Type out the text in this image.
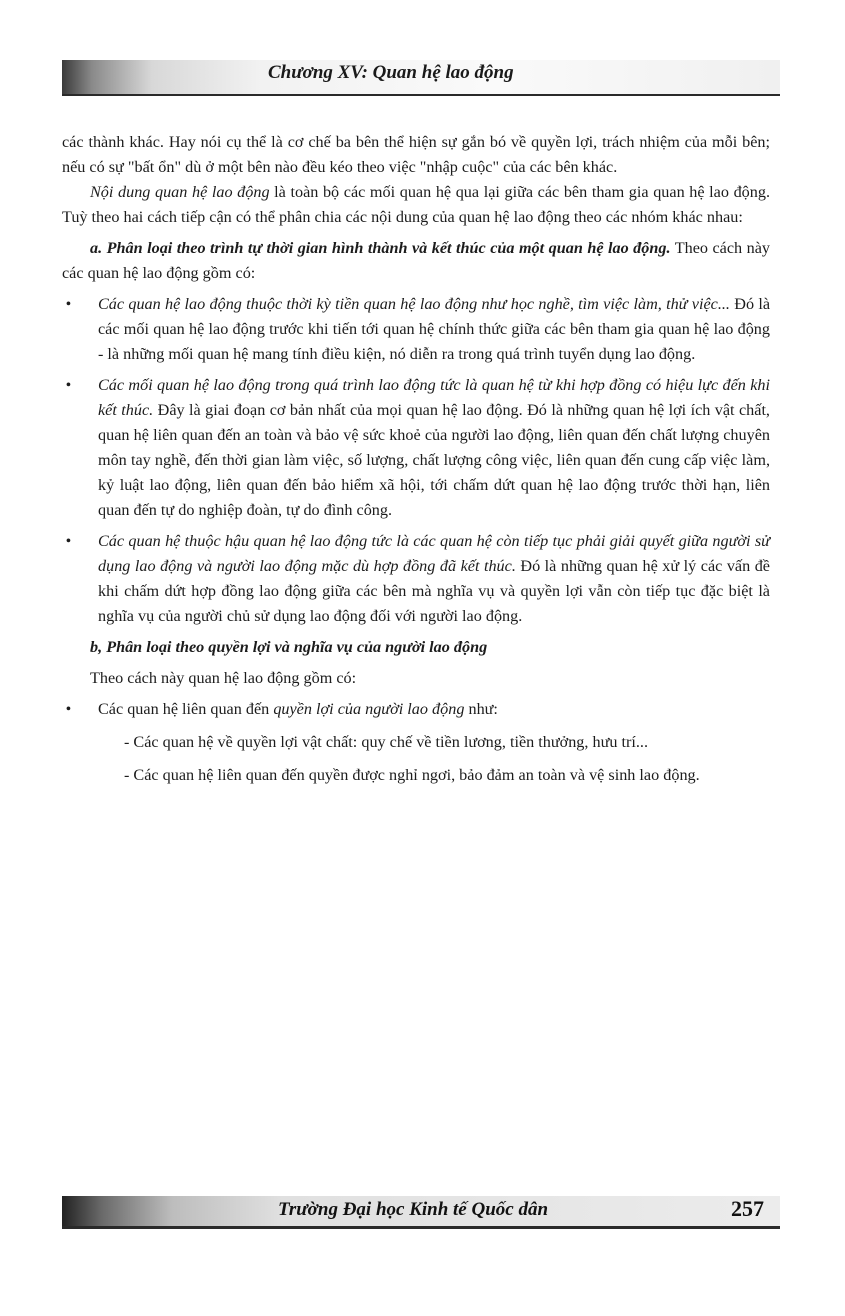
Chương XV: Quan hệ lao động

các thành khác. Hay nói cụ thể là cơ chế ba bên thể hiện sự gắn bó về quyền lợi, trách nhiệm của mỗi bên; nếu có sự "bất ổn" dù ở một bên nào đều kéo theo việc "nhập cuộc" của các bên khác.

Nội dung quan hệ lao động là toàn bộ các mối quan hệ qua lại giữa các bên tham gia quan hệ lao động. Tuỳ theo hai cách tiếp cận có thể phân chia các nội dung của quan hệ lao động theo các nhóm khác nhau:

a. Phân loại theo trình tự thời gian hình thành và kết thúc của một quan hệ lao động. Theo cách này các quan hệ lao động gồm có:

• Các quan hệ lao động thuộc thời kỳ tiền quan hệ lao động như học nghề, tìm việc làm, thử việc... Đó là các mối quan hệ lao động trước khi tiến tới quan hệ chính thức giữa các bên tham gia quan hệ lao động - là những mối quan hệ mang tính điều kiện, nó diễn ra trong quá trình tuyển dụng lao động.

• Các mối quan hệ lao động trong quá trình lao động tức là quan hệ từ khi hợp đồng có hiệu lực đến khi kết thúc. Đây là giai đoạn cơ bản nhất của mọi quan hệ lao động. Đó là những quan hệ lợi ích vật chất, quan hệ liên quan đến an toàn và bảo vệ sức khoẻ của người lao động, liên quan đến chất lượng chuyên môn tay nghề, đến thời gian làm việc, số lượng, chất lượng công việc, liên quan đến cung cấp việc làm, kỷ luật lao động, liên quan đến bảo hiểm xã hội, tới chấm dứt quan hệ lao động trước thời hạn, liên quan đến tự do nghiệp đoàn, tự do đình công.

• Các quan hệ thuộc hậu quan hệ lao động tức là các quan hệ còn tiếp tục phải giải quyết giữa người sử dụng lao động và người lao động mặc dù hợp đồng đã kết thúc. Đó là những quan hệ xử lý các vấn đề khi chấm dứt hợp đồng lao động giữa các bên mà nghĩa vụ và quyền lợi vẫn còn tiếp tục đặc biệt là nghĩa vụ của người chủ sử dụng lao động đối với người lao động.

b, Phân loại theo quyền lợi và nghĩa vụ của người lao động

Theo cách này quan hệ lao động gồm có:

• Các quan hệ liên quan đến quyền lợi của người lao động như:

- Các quan hệ về quyền lợi vật chất: quy chế về tiền lương, tiền thưởng, hưu trí...

- Các quan hệ liên quan đến quyền được nghỉ ngơi, bảo đảm an toàn và vệ sinh lao động.

Trường Đại học Kinh tế Quốc dân	257
